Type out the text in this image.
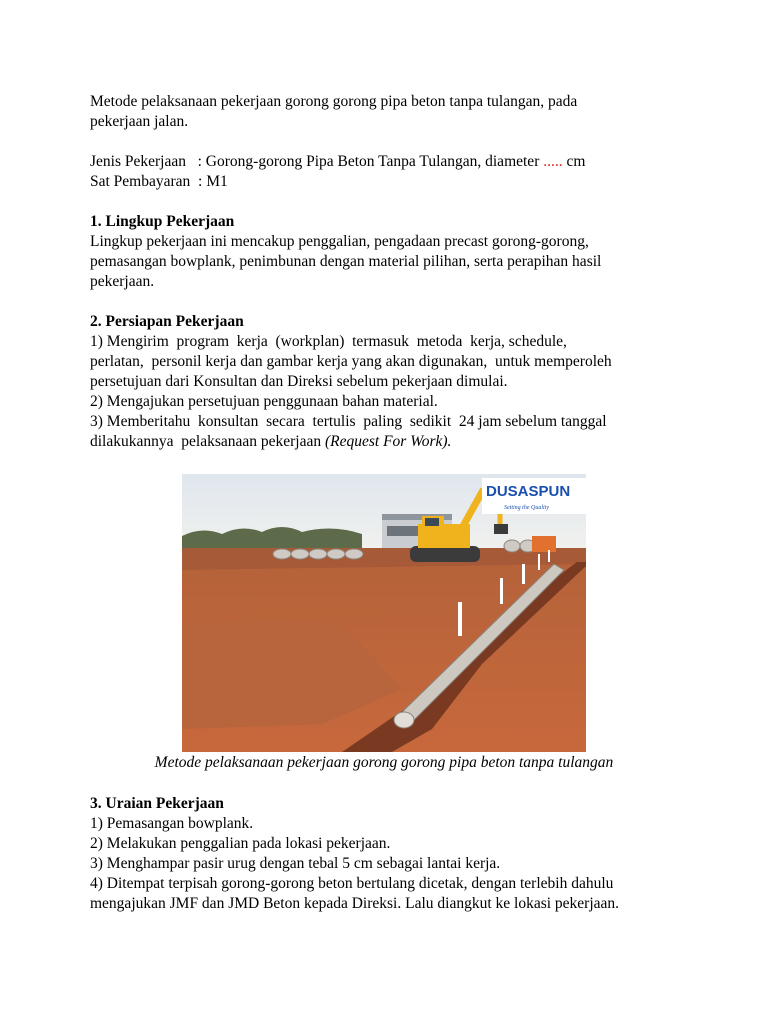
Metode pelaksanaan pekerjaan gorong gorong pipa beton tanpa tulangan, pada

pekerjaan jalan.

Jenis Pekerjaan   : Gorong-gorong Pipa Beton Tanpa Tulangan, diameter ..... cm

Sat Pembayaran  : M1

1. Lingkup Pekerjaan

Lingkup pekerjaan ini mencakup penggalian, pengadaan precast gorong-gorong,

pemasangan bowplank, penimbunan dengan material pilihan, serta perapihan hasil

pekerjaan.

2. Persiapan Pekerjaan

1) Mengirim  program  kerja  (workplan)  termasuk  metoda  kerja, schedule,

perlatan,  personil kerja dan gambar kerja yang akan digunakan,  untuk memperoleh

persetujuan dari Konsultan dan Direksi sebelum pekerjaan dimulai.

2) Mengajukan persetujuan penggunaan bahan material.

3) Memberitahu  konsultan  secara  tertulis  paling  sedikit  24 jam sebelum tanggal

dilakukannya  pelaksanaan pekerjaan (Request For Work).

DUSASPUN
Setting the Quality
Metode pelaksanaan pekerjaan gorong gorong pipa beton tanpa tulangan

3. Uraian Pekerjaan

1) Pemasangan bowplank.

2) Melakukan penggalian pada lokasi pekerjaan.

3) Menghampar pasir urug dengan tebal 5 cm sebagai lantai kerja.

4) Ditempat terpisah gorong-gorong beton bertulang dicetak, dengan terlebih dahulu

mengajukan JMF dan JMD Beton kepada Direksi. Lalu diangkut ke lokasi pekerjaan.
